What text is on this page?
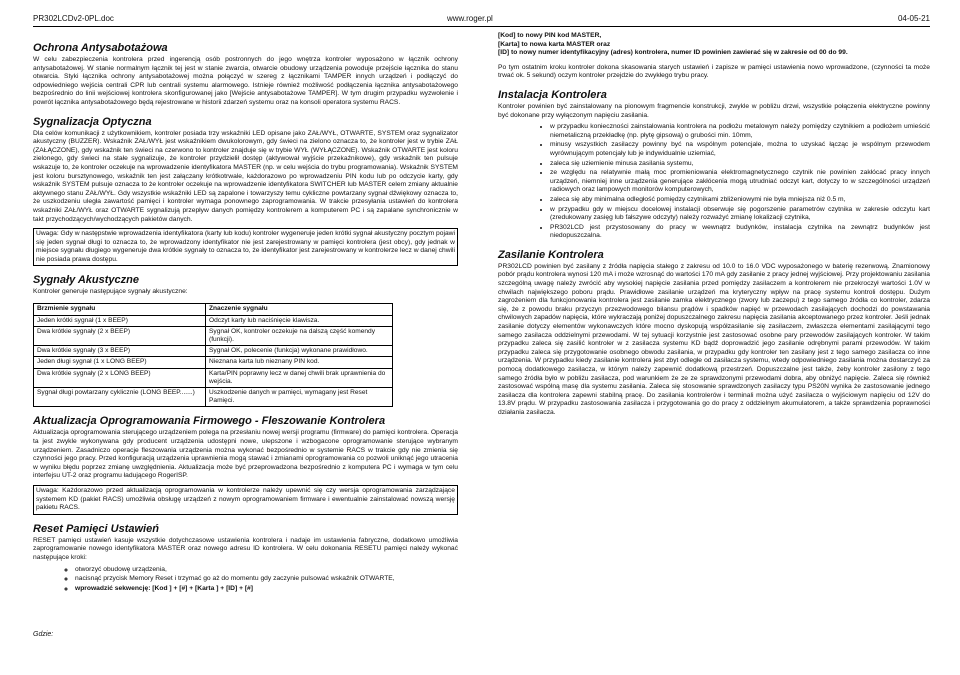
PR302LCDv2-0PL.doc	www.roger.pl	04-05-21
Ochrona Antysabotażowa

W celu zabezpieczenia kontrolera przed ingerencją osób postronnych do jego wnętrza kontroler wyposażono w łącznik ochrony antysabotażowej. W stanie normalnym łącznik tej jest w stanie zwarcia, otwarcie obudowy urządzenia powoduje przejście łącznika do stanu otwarcia. Styki łącznika ochrony antysabotażowej można połączyć w szereg z łącznikami TAMPER innych urządzeń i podłączyć do odpowiedniego wejścia centrali CPR lub centrali systemu alarmowego. Istnieje również możliwość podłączenia łącznika antysabotażowego bezpośrednio do linii wejściowej kontrolera skonfigurowanej jako [Wejście antysabotażowe TAMPER]. W tym drugim przypadku wyzwolenie i powrót łącznika antysabotażowego będą rejestrowane w historii zdarzeń systemu oraz na konsoli operatora systemu RACS.

Sygnalizacja Optyczna

Dla celów komunikacji z użytkownikiem, kontroler posiada trzy wskaźniki LED opisane jako ZAŁ/WYŁ, OTWARTE, SYSTEM oraz sygnalizator akustyczny (BUZZER). Wskaźnik ZAŁ/WYŁ jest wskaźnikiem dwukolorowym, gdy świeci na zielono oznacza to, że kontroler jest w trybie ZAŁ (ZAŁĄCZONE), gdy wskaźnik ten świeci na czerwono to kontroler znajduje się w trybie WYŁ (WYŁĄCZONE). Wskaźnik OTWARTE jest koloru zielonego, gdy świeci na stałe sygnalizuje, że kontroler przydzielił dostęp (aktywował wyjście przekaźnikowe), gdy wskaźnik ten pulsuje wskazuje to, że kontroler oczekuje na wprowadzenie identyfikatora MASTER (np. w celu wejścia do trybu programowania). Wskaźnik SYSTEM jest koloru bursztynowego, wskaźnik ten jest załączany krótkotrwale, każdorazowo po wprowadzeniu PIN kodu lub po odczycie karty, gdy wskaźnik SYSTEM pulsuje oznacza to że kontroler oczekuje na wprowadzenie identyfikatora SWITCHER lub MASTER celem zmiany aktualnie aktywnego stanu ZAŁ/WYŁ. Gdy wszystkie wskaźniki LED są zapalone i towarzyszy temu cykliczne powtarzany sygnał dźwiękowy oznacza to, że uszkodzeniu uległa zawartość pamięci i kontroler wymaga ponownego zaprogramowania. W trakcie przesyłania ustawień do kontrolera wskaźniki ZAŁ/WYŁ oraz OTWARTE sygnalizują przepływ danych pomiędzy kontrolerem a komputerem PC i są zapalane synchronicznie w takt przychodzących/wychodzących pakietów danych.

Uwaga: Gdy w następstwie wprowadzenia identyfikatora (karty lub kodu) kontroler wygeneruje jeden krótki sygnał akustyczny pocztym pojawi się jeden sygnał długi to oznacza to, że wprowadzony identyfikator nie jest zarejestrowany w pamięci kontrolera (jest obcy), gdy jednak w miejsce sygnału długiego wygeneruje dwa krótkie sygnały to oznacza to, że identyfikator jest zarejestrowany w kontrolerze lecz w danej chwili nie posiada prawa dostępu.
Sygnały Akustyczne

Kontroler generuje następujące sygnały akustyczne:

Brzmienie sygnału	Znaczenie sygnału
Jeden krótki sygnał (1 x BEEP)	Odczyt karty lub naciśnięcie klawisza.
Dwa krótkie sygnały (2 x BEEP)	Sygnał OK, kontroler oczekuje na dalszą część komendy (funkcji).
Dwa krótkie sygnały (3 x BEEP)	Sygnał OK, polecenie (funkcja) wykonane prawidłowo.
Jeden długi sygnał (1 x LONG BEEP)	Nieznana karta lub nieznany PIN kod.
Dwa krótkie sygnały (2 x LONG BEEP)	Karta/PIN poprawny lecz w danej chwili brak uprawnienia do wejścia.
Sygnał długi powtarzany cyklicznie (LONG BEEP.......)	Uszkodzenie danych w pamięci, wymagany jest Reset Pamięci.
Aktualizacja Oprogramowania Firmowego - Fleszowanie Kontrolera

Aktualizacja oprogramowania sterującego urządzeniem polega na przesłaniu nowej wersji programu (firmware) do pamięci kontrolera. Operacja ta jest zwykle wykonywana gdy producent urządzenia udostępni nowe, ulepszone i wzbogacone oprogramowanie sterujące wybranym urządzeniem. Zasadniczo operacje fleszowania urządzenia można wykonać bezpośrednio w systemie RACS w trakcie gdy nie zmienia się czynności jego pracy. Przed konfiguracją urządzenia uprawnienia mogą stawać i zmianami oprogramowania co pozwoli uniknąć jego utracenia w wyniku błędu poprzez zmianę uwzględnienia. Aktualizacja może być przeprowadzona bezpośrednio z komputera PC i wymaga w tym celu interfejsu UT-2 oraz programu ładującego RogerISP.

Uwaga: Każdorazowo przed aktualizacją oprogramowania w kontrolerze należy upewnić się czy wersja oprogramowania zarządzające systemem KD (pakiet RACS) umożliwia obsługę urządzeń z nowym oprogramowaniem firmware i ewentualnie zainstalować nowszą wersję pakietu RACS.
Reset Pamięci Ustawień

RESET pamięci ustawień kasuje wszystkie dotychczasowe ustawienia kontrolera i nadaje im ustawienia fabryczne, dodatkowo umożliwia zaprogramowanie nowego identyfikatora MASTER oraz nowego adresu ID kontrolera. W celu dokonania RESETU pamięci należy wykonać następujące kroki:

◦ otworzyć obudowę urządzenia,
◦ nacisnąć przycisk Memory Reset i trzymać go aż do momentu gdy zaczynie pulsować wskaźnik OTWARTE,
◦ wprowadzić sekwencję: [Kod ] + [#] + [Karta ] + [ID] + [#]
Gdzie:

[Kod] to nowy PIN kod MASTER,

[Karta] to nowa karta MASTER oraz

[ID] to nowy numer identyfikacyjny (adres) kontrolera, numer ID powinien zawierać się w zakresie od 00 do 99.

Po tym ostatnim kroku kontroler dokona skasowania starych ustawień i zapisze w pamięci ustawienia nowo wprowadzone, (czynności ta może trwać ok. 5 sekund) oczym kontroler przejdzie do zwykłego trybu pracy.

Instalacja Kontrolera

Kontroler powinien być zainstalowany na pionowym fragmencie konstrukcji, zwykle w pobliżu drzwi, wszystkie połączenia elektryczne powinny być dokonane przy wyłączonym napięciu zasilania.

• w przypadku konieczności zainstalowania kontrolera na podłożu metalowym należy pomiędzy czytnikiem a podłożem umieścić niemetaliczną przekładkę (np. płytę gipsową) o grubości min. 10mm,
• minusy wszystkich zasilaczy powinny być na wspólnym potencjale, można to uzyskać łącząc je wspólnym przewodem wyrównującym potencjały lub je indywidualnie uziemiać,
• zaleca się uziemienie minusa zasilania systemu,
• ze względu na relatywnie małą moc promieniowania elektromagnetycznego czytnik nie powinien zakłócać pracy innych urządzeń, niemniej inne urządzenia generujące zakłócenia mogą utrudniać odczyt kart, dotyczy to w szczególności urządzeń radiowych oraz lampowych monitorów komputerowych,
• zaleca się aby minimalna odległość pomiędzy czytnikami zbliżeniowymi nie była mniejsza niż 0.5 m,
• w przypadku gdy w miejscu docelowej instalacji obserwuje się pogorszenie parametrów czytnika w zakresie odczytu kart (zredukowany zasięg lub fałszywe odczyty) należy rozważyć zmianę lokalizacji czytnika,
• PR302LCD jest przystosowany do pracy w wewnątrz budynków, instalacja czytnika na zewnątrz budynków jest niedopuszczalna.
Zasilanie Kontrolera

PR302LCD powinien być zasilany z źródła napięcia stałego z zakresu od 10.0 to 16.0 VDC wyposażonego w baterię rezerwową. Znamionowy pobór prądu kontrolera wynosi 120 mA i może wzrosnąć do wartości 170 mA gdy zasilanie z pracy jednej wyjściowej. Przy projektowaniu zasilania szczególną uwagę należy zwrócić aby wysokiej napięcie zasilania przed pomiędzy zasilaczem a kontrolerem nie przekroczył wartości 1.0V w chwilach największego poboru prądu. Prawidłowe zasilanie urządzeń ma kryteryczny wpływ na pracę systemu kontroli dostępu. Dużym zagrożeniem dla funkcjonowania kontrolera jest zasilanie zamka elektrycznego (zwory lub zaczepu) z tego samego źródła co kontroler, zdarza się, że z powodu braku przyczyn przezwodowego bilansu prądów i spadków napięć w przewodach zasilających dochodzi do powstawania chwilowych zapadów napięcia, które wykraczają poniżej dopuszczalnego zakresu napięcia zasilania akceptowanego przez kontroler. Jeśli jednak zasilanie dotyczy elementów wykonawczych które mocno dyskopują współzasilanie się zasilaczem, zwłaszcza elementami zasilającymi tego samego zasilacza oddzielnymi przewodami. W tej sytuacji korzystnie jest zastosować osobne pary przewodów zasilających kontroler. W takim przypadku zaleca się zasilić kontroler w z zasilacza systemu KD bądź doprowadzić jego zasilanie odrębnymi parami przewodów. W takim przypadku zaleca się przygotowanie osobnego obwodu zasilania, w przypadku gdy kontroler ten zasilany jest z tego samego zasilacza co inne urządzenia. W przypadku kiedy zasilanie kontrolera jest zbyt odległe od zasilacza systemu, wtedy odpowiedniego zasilania można dostarczyć za pomocą dodatkowego zasilacza, w którym należy zapewnić dodatkową przestrzeń. Dopuszczalne jest także, żeby kontroler zasilony z tego samego źródła było w pobliżu zasilacza, pod warunkiem że ze ze sprawdzonymi przewodami dobra, aby obniżyć napięcie. Zaleca się również zastosować wspólną masę dla systemu zasilania. Zaleca się stosowanie sprawdzonych zasilaczy typu PS20N wynika że zastosowanie jednego zasilacza dla kontrolera zapewni stabilną pracę. Do zasilania kontrolerów i terminali można użyć zasilacza o wyjściowym napięciu od 12V do 13.8V prądu. W przypadku zastosowania zasilacza i przygotowania go do pracy z oddzielnym akumulatorem, a także sprawdzenia poprawności działania zasilacza.
